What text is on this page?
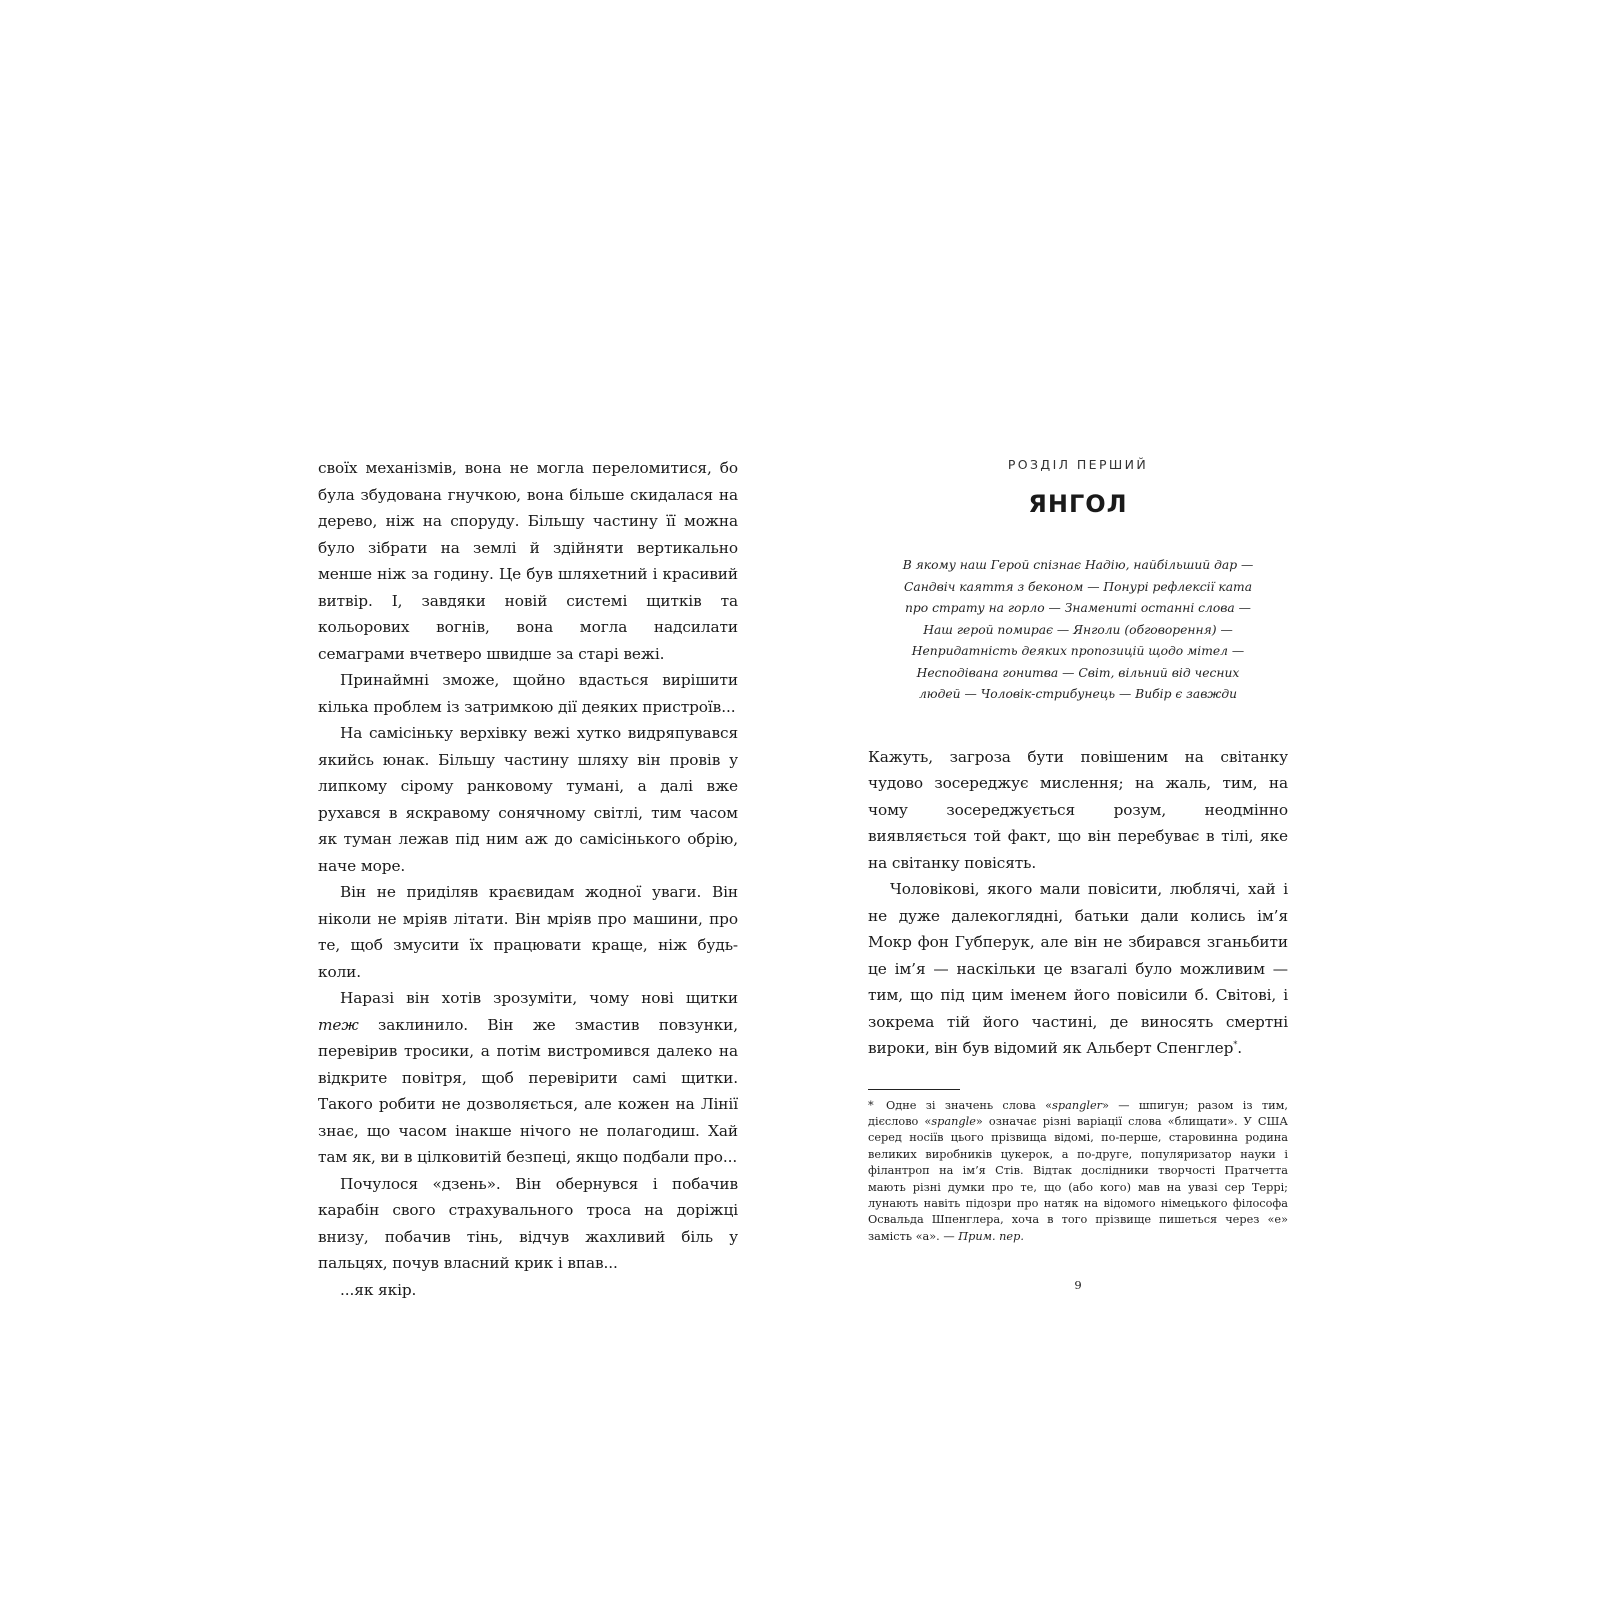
своїх механізмів, вона не могла переломитися, бо була збудована гнучкою, вона більше скидалася на дерево, ніж на споруду. Більшу частину її можна було зібрати на землі й здійняти вертикально менше ніж за годину. Це був шляхетний і красивий витвір. І, завдяки новій системі щитків та кольорових вогнів, вона могла надсилати семаграми вчетверо швидше за старі вежі.

Принаймні зможе, щойно вдасться вирішити кілька проблем із затримкою дії деяких пристроїв...

На самісіньку верхівку вежі хутко видряпувався якийсь юнак. Більшу частину шляху він провів у липкому сірому ранковому тумані, а далі вже рухався в яскравому сонячному світлі, тим часом як туман лежав під ним аж до самісінького обрію, наче море.

Він не приділяв краєвидам жодної уваги. Він ніколи не мріяв літати. Він мріяв про машини, про те, щоб змусити їх працювати краще, ніж будь-коли.

Наразі він хотів зрозуміти, чому нові щитки теж заклинило. Він же змастив повзунки, перевірив тросики, а потім вистромився далеко на відкрите повітря, щоб перевірити самі щитки. Такого робити не дозволяється, але кожен на Лінії знає, що часом інакше нічого не полагодиш. Хай там як, ви в цілковитій безпеці, якщо подбали про...

Почулося «дзень». Він обернувся і побачив карабін свого страхувального троса на доріжці внизу, побачив тінь, відчув жахливий біль у пальцях, почув власний крик і впав...

...як якір.

РОЗДІЛ ПЕРШИЙ

ЯНГОЛ

В якому наш Герой спізнає Надію, найбільший дар — Сандвіч каяття з беконом — Понурі рефлексії ката про страту на горло — Знамениті останні слова — Наш герой помирає — Янголи (обговорення) — Непридатність деяких пропозицій щодо мітел — Несподівана гонитва — Світ, вільний від чесних людей — Чоловік-стрибунець — Вибір є завжди

Кажуть, загроза бути повішеним на світанку чудово зосереджує мислення; на жаль, тим, на чому зосереджується розум, неодмінно виявляється той факт, що він перебуває в тілі, яке на світанку повісять.

Чоловікові, якого мали повісити, люблячі, хай і не дуже далекоглядні, батьки дали колись ім’я Мокр фон Губперук, але він не збирався зганьбити це ім’я — наскільки це взагалі було можливим — тим, що під цим іменем його повісили б. Світові, і зокрема тій його частині, де виносять смертні вироки, він був відомий як Альберт Спенглер*.

* Одне зі значень слова «spangler» — шпигун; разом із тим, дієслово «spangle» означає різні варіації слова «блищати». У США серед носіїв цього прізвища відомі, по-перше, старовинна родина великих виробників цукерок, а по-друге, популяризатор науки і філантроп на ім’я Стів. Відтак дослідники творчості Пратчетта мають різні думки про те, що (або кого) мав на увазі сер Террі; лунають навіть підозри про натяк на відомого німецького філософа Освальда Шпенглера, хоча в того прізвище пишеться через «е» замість «а». — Прим. пер.

9
